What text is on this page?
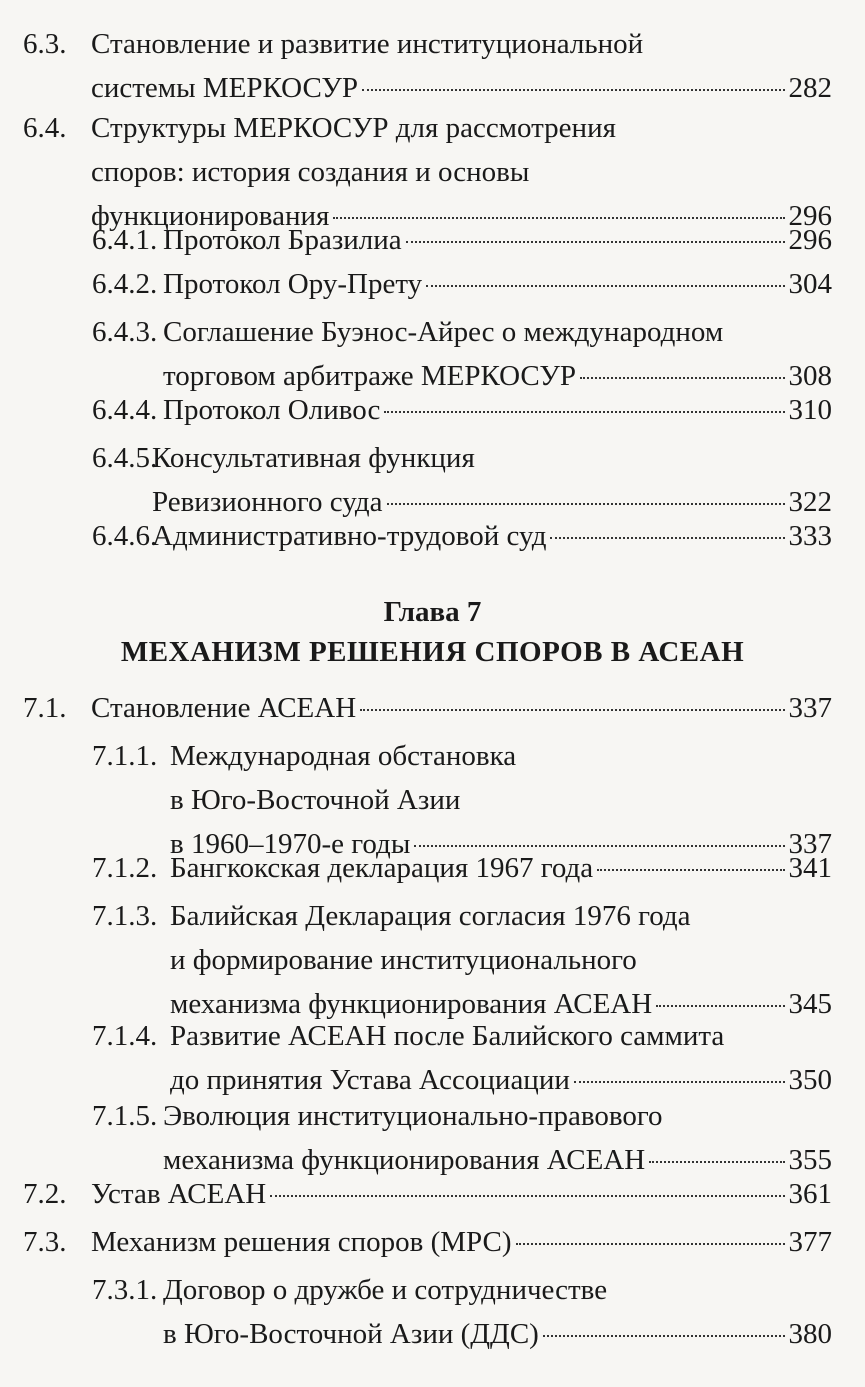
6.3. Становление и развитие институциональной
системы МЕРКОСУР	282
6.4. Структуры МЕРКОСУР для рассмотрения
споров: история создания и основы
функционирования	296
6.4.1. Протокол Бразилиа	296
6.4.2. Протокол Ору-Прету	304
6.4.3. Соглашение Буэнос-Айрес о международном
торговом арбитраже МЕРКОСУР	308
6.4.4. Протокол Оливос	310
6.4.5.
Консультативная функция
Ревизионного суда	322
6.4.6.
Административно-трудовой суд	333
Глава 7
МЕХАНИЗМ РЕШЕНИЯ СПОРОВ В АСЕАН
7.1. Становление АСЕАН	337
7.1.1. Международная обстановка
в Юго-Восточной Азии
в 1960–1970-е годы	337
7.1.2. Бангкокская декларация 1967 года	341
7.1.3. Балийская Декларация согласия 1976 года
и формирование институционального
механизма функционирования АСЕАН	345
7.1.4. Развитие АСЕАН после Балийского саммита
до принятия Устава Ассоциации	350
7.1.5. Эволюция институционально-правового
механизма функционирования АСЕАН	355
7.2. Устав АСЕАН	361
7.3. Механизм решения споров (МРС)	377
7.3.1. Договор о дружбе и сотрудничестве
в Юго-Восточной Азии (ДДС)	380
